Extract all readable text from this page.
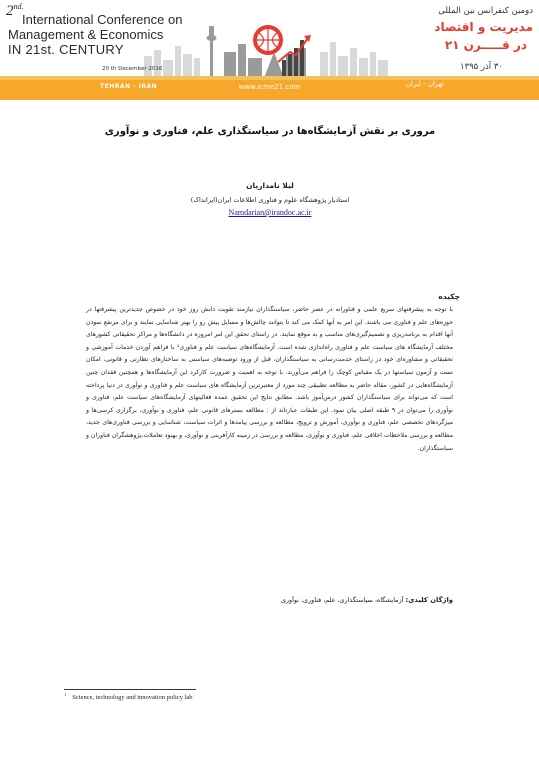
$2^{nd.}$
International Conference on
Management & Economics
IN 21st. CENTURY
20 th December 2016
دومین کنفرانس بین المللی
مدیریت و اقتصاد
در قـــــرن ۲۱
۳۰ آذر ۱۳۹۵
TEHRAN - IRAN	www.icme21.com	تهران - ایران
مروری بر نقش آزمایشگاه‌ها در سیاستگذاری علم، فناوری و نوآوری
لیلا نامداریان
استادیار پژوهشگاه علوم و فناوری اطلاعات ایران(ایرانداک)
Namdarian@irandoc.ac.ir
چکیده
با توجه به پیشرفتهای سریع علمی و فناورانه در عصر حاضر، سیاستگذاران نیازمند تقویت دانش روز خود در خصوص جدیدترین پیشرفتها در حوزه‌های علم و فناوری می باشند. این امر به آنها کمک می کند تا بتوانند چالش‌ها و مسایل پیش رو را بهتر شناسایی نمایند و برای مرتفع نمودن آنها اقدام به برنامه‌ریزی و تصمیم‌گیری‌های مناسب و به موقع نمایند. در راستای تحقق این امر امروزه در دانشگاه‌ها و مراکز تحقیقاتی کشورهای مختلف آزمایشگاه های سیاست علم و فناوری راه‌اندازی شده است. آزمایشگاه‌های سیاست علم و فناوری¹ با فراهم آوردن خدمات آموزشی و تحقیقاتی و مشاوره‌ای خود در راستای خدمت‌رسانی به سیاستگذاران، قبل از ورود توصیه‌های سیاستی به ساختارهای نظارتی و قانونی، امکان تست و آزمون سیاستها در یک مقیاس کوچک را فراهم می‌آورند. با توجه به اهمیت و ضرورت کارکرد این آزمایشگاه‌ها و همچنین فقدان چنین آزمایشگاه‌هایی در کشور، مقاله حاضر به مطالعه تطبیقی چند مورد از معتبرترین آزمایشگاه های سیاست علم و فناوری و نوآوری در دنیا پرداخته است که می‌تواند برای سیاستگذاران کشور درس‌آموز باشد. مطابق نتایج این تحقیق عمده فعالیتهای آزمایشگاه‌های سیاست علم، فناوری و نوآوری را می‌توان در ۹ طبقه اصلی بیان نمود. این طبقات عبارتاند از : مطالعه بسترهای قانونی علم، فناوری و نوآوری، برگزاری کرسی‌ها و میزگردهای تخصصی علم، فناوری و نوآوری، آموزش و ترویج، مطالعه و بررسی پیامدها و اثرات سیاست، شناسایی و بررسی فناوری‌های جدید، مطالعه و بررسی ملاحظات اخلاقی علم، فناوری و نوآوری، مطالعه و بررسی در زمینه کارآفرینی و نوآوری، و بهبود تعاملات،پژوهشگران فناوران و سیاستگذاران.
واژگان کلیدی: آزمایشگاه، سیاستگذاری، علم، فناوری، نوآوری
$^1$ Science, technology and innovation policy lab
